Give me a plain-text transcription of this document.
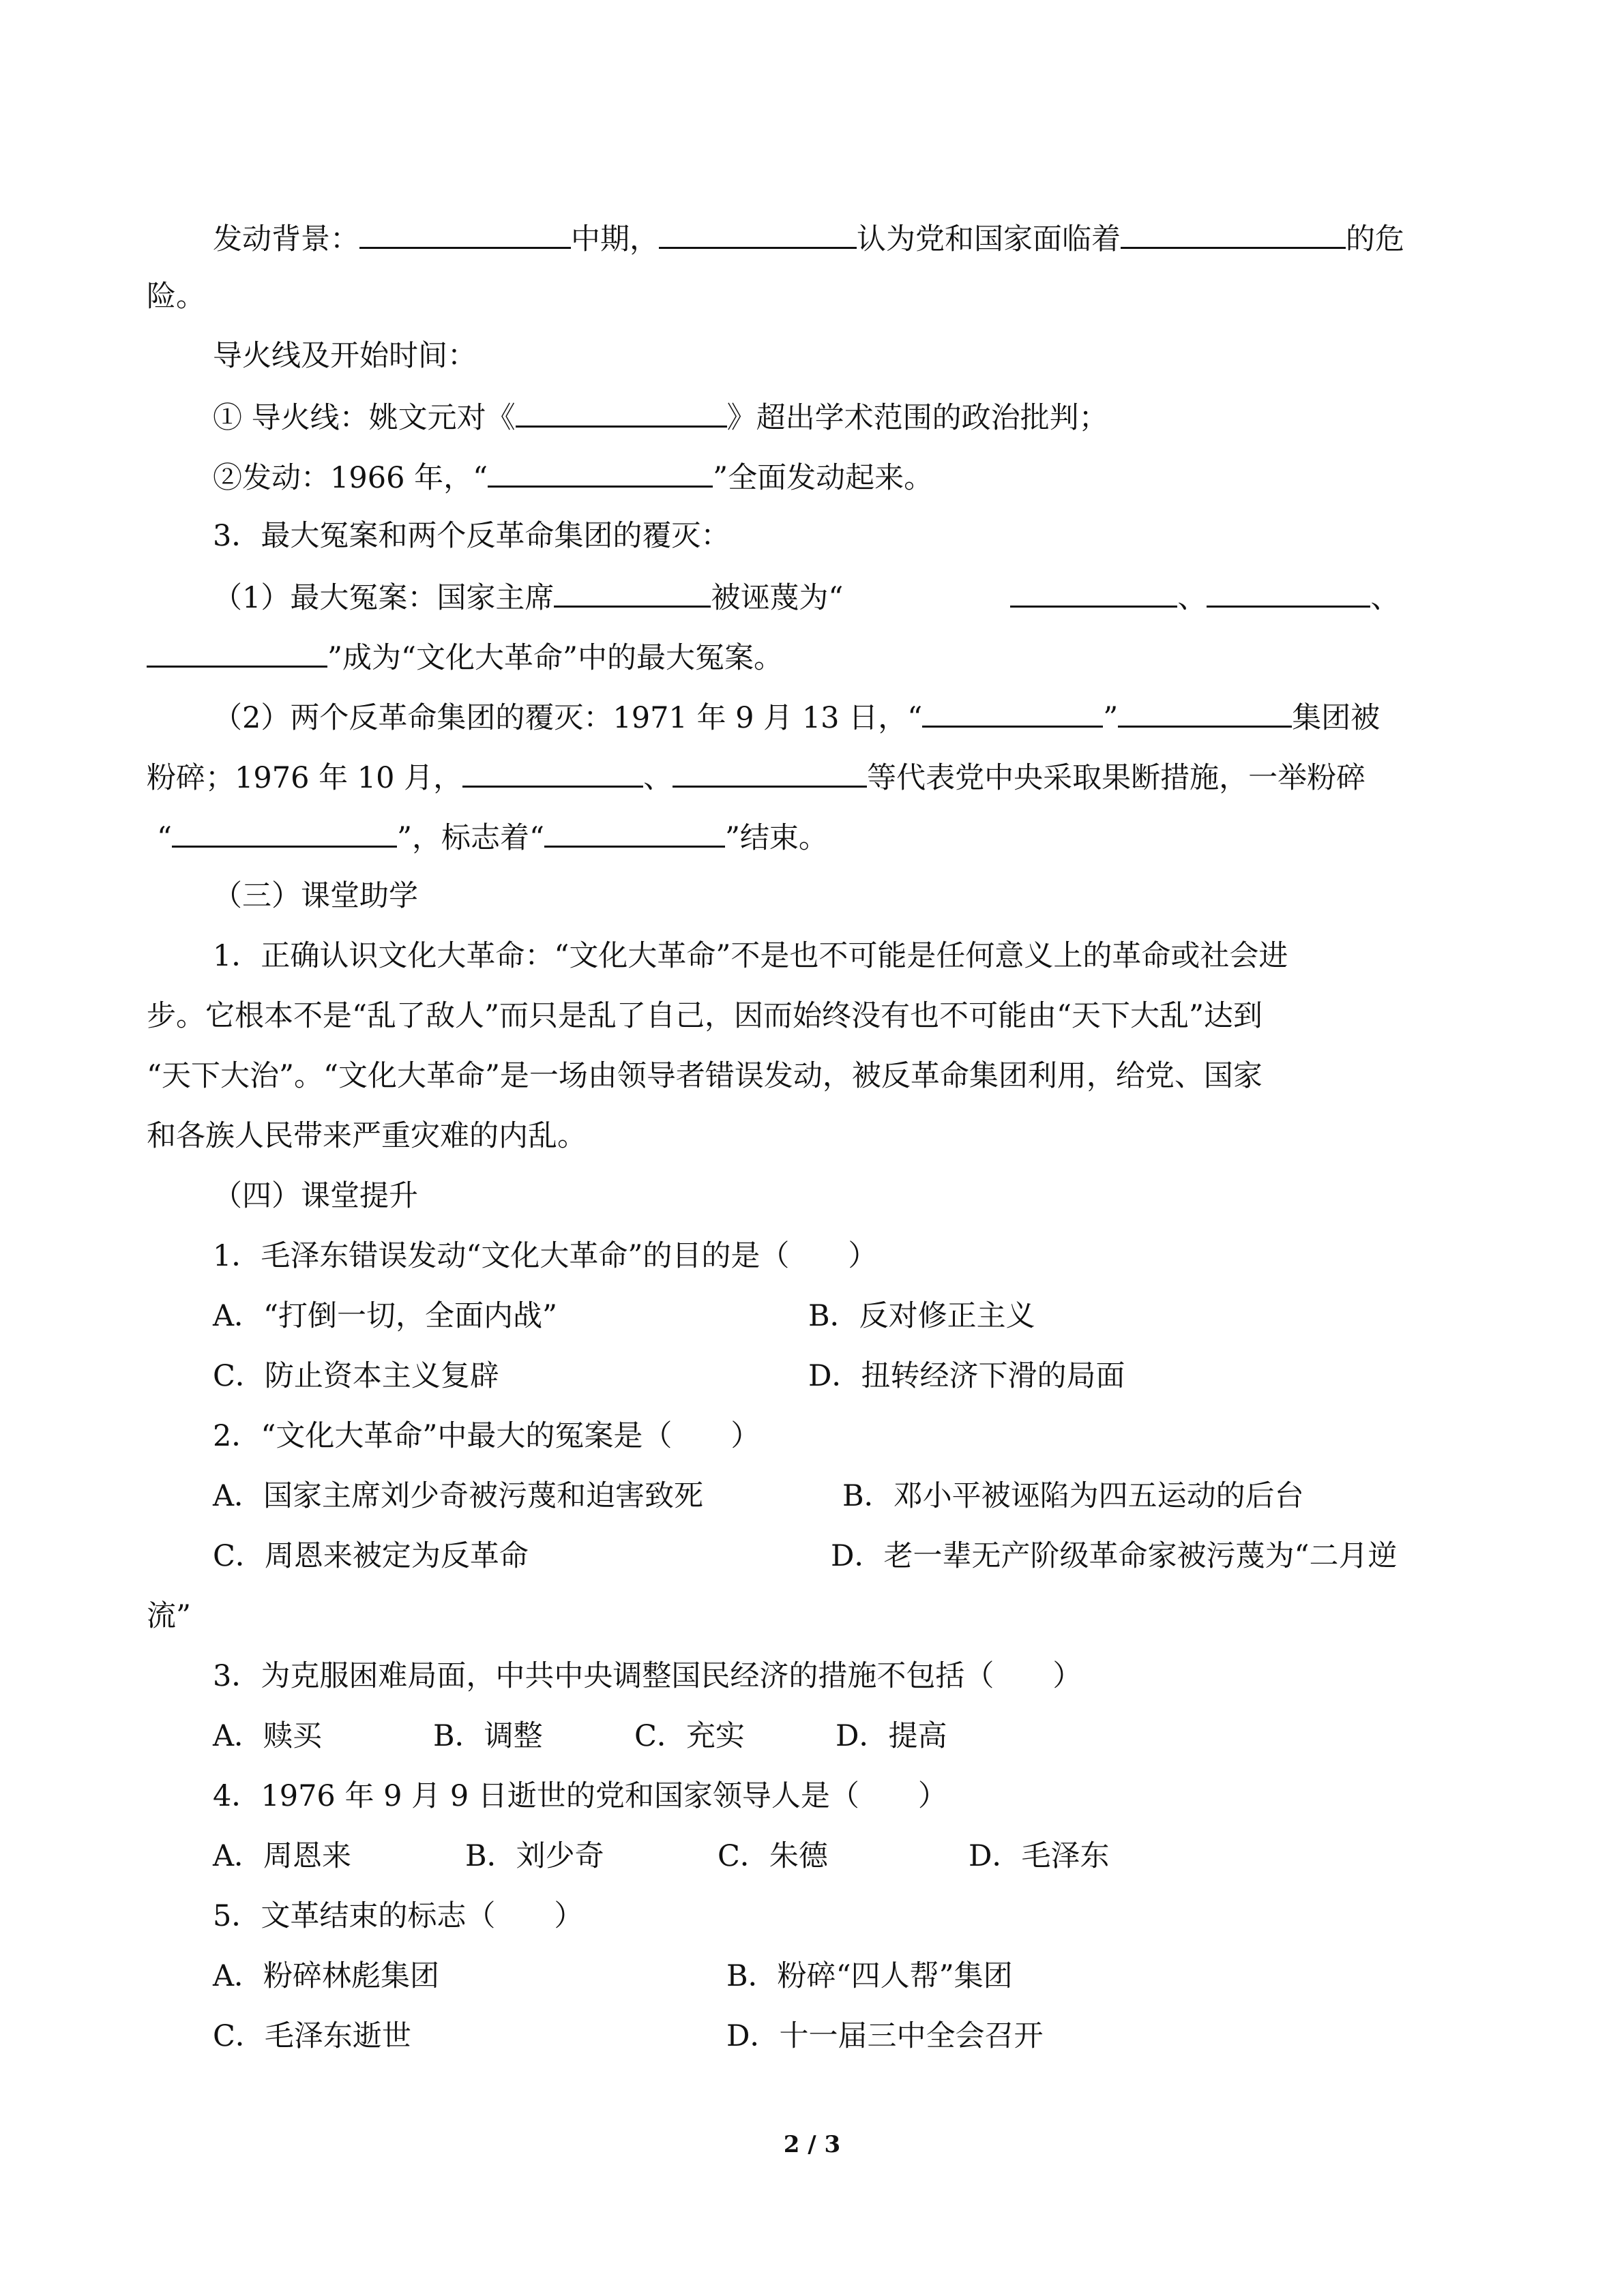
发动背景：	中期，	认为党和国家面临着	的危
险。
导火线及开始时间：
① 导火线：姚文元对《	》超出学术范围的政治批判；
②发动：1966 年，“	”全面发动起来。
3．最大冤案和两个反革命集团的覆灭：
（1）最大冤案：国家主席	被诬蔑为“	、	、
”成为“文化大革命”中的最大冤案。
（2）两个反革命集团的覆灭：1971 年 9 月 13 日，“	”	集团被
粉碎；1976 年 10 月，	、	等代表党中央采取果断措施，一举粉碎
“	”，标志着“	”结束。
（三）课堂助学
1．正确认识文化大革命：“文化大革命”不是也不可能是任何意义上的革命或社会进
步。它根本不是“乱了敌人”而只是乱了自己，因而始终没有也不可能由“天下大乱”达到
“天下大治”。“文化大革命”是一场由领导者错误发动，被反革命集团利用，给党、国家
和各族人民带来严重灾难的内乱。
（四）课堂提升
1．毛泽东错误发动“文化大革命”的目的是（　　）
A．“打倒一切，全面内战”	B．反对修正主义
C．防止资本主义复辟	D．扭转经济下滑的局面
2．“文化大革命”中最大的冤案是（　　）
A．国家主席刘少奇被污蔑和迫害致死	B．邓小平被诬陷为四五运动的后台
C．周恩来被定为反革命	D．老一辈无产阶级革命家被污蔑为“二月逆
流”
3．为克服困难局面，中共中央调整国民经济的措施不包括（　　）
A．赎买	B．调整	C．充实	D．提高
4．1976 年 9 月 9 日逝世的党和国家领导人是（　　）
A．周恩来	B．刘少奇	C．朱德	D．毛泽东
5．文革结束的标志（　　）
A．粉碎林彪集团	B．粉碎“四人帮”集团
C．毛泽东逝世	D．十一届三中全会召开
2 / 3
